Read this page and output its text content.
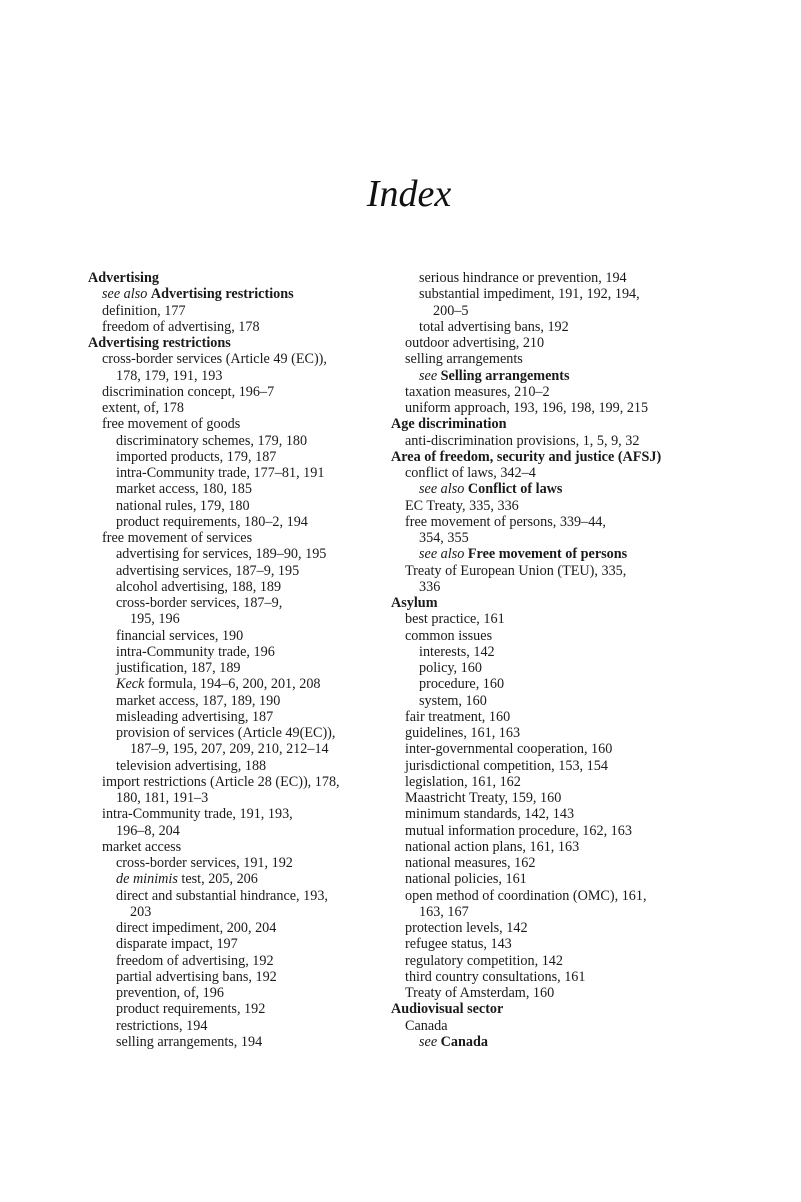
Index
Advertising
see also Advertising restrictions
definition, 177
freedom of advertising, 178
Advertising restrictions
cross-border services (Article 49 (EC)),
178, 179, 191, 193
discrimination concept, 196–7
extent, of, 178
free movement of goods
discriminatory schemes, 179, 180
imported products, 179, 187
intra-Community trade, 177–81, 191
market access, 180, 185
national rules, 179, 180
product requirements, 180–2, 194
free movement of services
advertising for services, 189–90, 195
advertising services, 187–9, 195
alcohol advertising, 188, 189
cross-border services, 187–9,
195, 196
financial services, 190
intra-Community trade, 196
justification, 187, 189
Keck formula, 194–6, 200, 201, 208
market access, 187, 189, 190
misleading advertising, 187
provision of services (Article 49(EC)),
187–9, 195, 207, 209, 210, 212–14
television advertising, 188
import restrictions (Article 28 (EC)), 178,
180, 181, 191–3
intra-Community trade, 191, 193,
196–8, 204
market access
cross-border services, 191, 192
de minimis test, 205, 206
direct and substantial hindrance, 193,
203
direct impediment, 200, 204
disparate impact, 197
freedom of advertising, 192
partial advertising bans, 192
prevention, of, 196
product requirements, 192
restrictions, 194
selling arrangements, 194
serious hindrance or prevention, 194
substantial impediment, 191, 192, 194,
200–5
total advertising bans, 192
outdoor advertising, 210
selling arrangements
see Selling arrangements
taxation measures, 210–2
uniform approach, 193, 196, 198, 199, 215
Age discrimination
anti-discrimination provisions, 1, 5, 9, 32
Area of freedom, security and justice (AFSJ)
conflict of laws, 342–4
see also Conflict of laws
EC Treaty, 335, 336
free movement of persons, 339–44,
354, 355
see also Free movement of persons
Treaty of European Union (TEU), 335,
336
Asylum
best practice, 161
common issues
interests, 142
policy, 160
procedure, 160
system, 160
fair treatment, 160
guidelines, 161, 163
inter-governmental cooperation, 160
jurisdictional competition, 153, 154
legislation, 161, 162
Maastricht Treaty, 159, 160
minimum standards, 142, 143
mutual information procedure, 162, 163
national action plans, 161, 163
national measures, 162
national policies, 161
open method of coordination (OMC), 161,
163, 167
protection levels, 142
refugee status, 143
regulatory competition, 142
third country consultations, 161
Treaty of Amsterdam, 160
Audiovisual sector
Canada
see Canada
